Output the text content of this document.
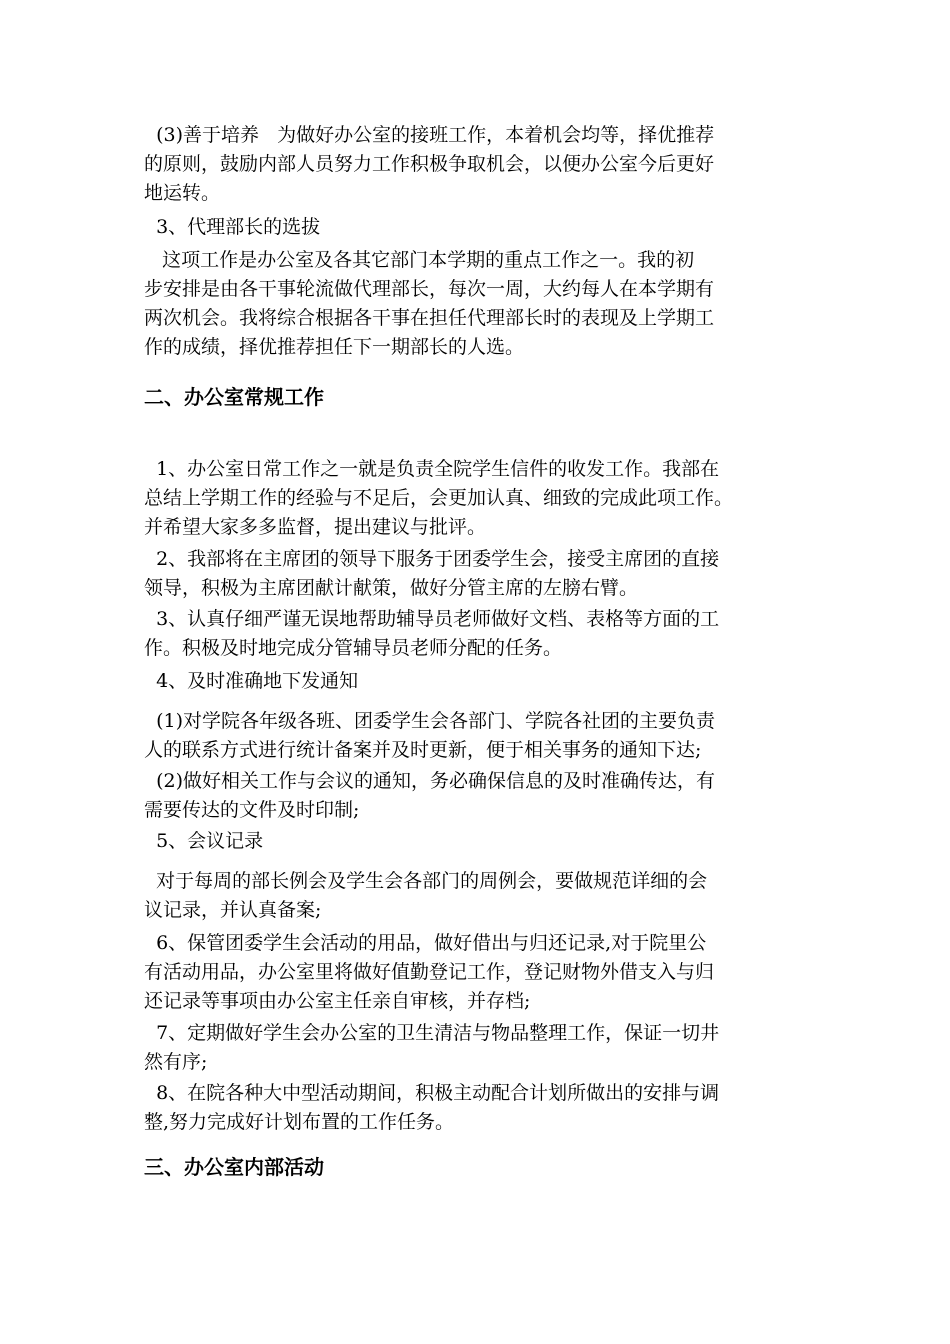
(3)善于培养   为做好办公室的接班工作，本着机会均等，择优推荐
的原则，鼓励内部人员努力工作积极争取机会，以便办公室今后更好
地运转。
3、代理部长的选拔
这项工作是办公室及各其它部门本学期的重点工作之一。我的初
步安排是由各干事轮流做代理部长，每次一周，大约每人在本学期有
两次机会。我将综合根据各干事在担任代理部长时的表现及上学期工
作的成绩，择优推荐担任下一期部长的人选。
二、办公室常规工作
1、办公室日常工作之一就是负责全院学生信件的收发工作。我部在
总结上学期工作的经验与不足后，会更加认真、细致的完成此项工作。
并希望大家多多监督，提出建议与批评。
2、我部将在主席团的领导下服务于团委学生会，接受主席团的直接
领导，积极为主席团献计献策，做好分管主席的左膀右臂。
3、认真仔细严谨无误地帮助辅导员老师做好文档、表格等方面的工
作。积极及时地完成分管辅导员老师分配的任务。
4、及时准确地下发通知
(1)对学院各年级各班、团委学生会各部门、学院各社团的主要负责
人的联系方式进行统计备案并及时更新，便于相关事务的通知下达;
(2)做好相关工作与会议的通知，务必确保信息的及时准确传达，有
需要传达的文件及时印制;
5、会议记录
对于每周的部长例会及学生会各部门的周例会，要做规范详细的会
议记录，并认真备案;
6、保管团委学生会活动的用品，做好借出与归还记录,对于院里公
有活动用品，办公室里将做好值勤登记工作，登记财物外借支入与归
还记录等事项由办公室主任亲自审核，并存档;
7、定期做好学生会办公室的卫生清洁与物品整理工作，保证一切井
然有序;
8、在院各种大中型活动期间，积极主动配合计划所做出的安排与调
整,努力完成好计划布置的工作任务。
三、办公室内部活动
